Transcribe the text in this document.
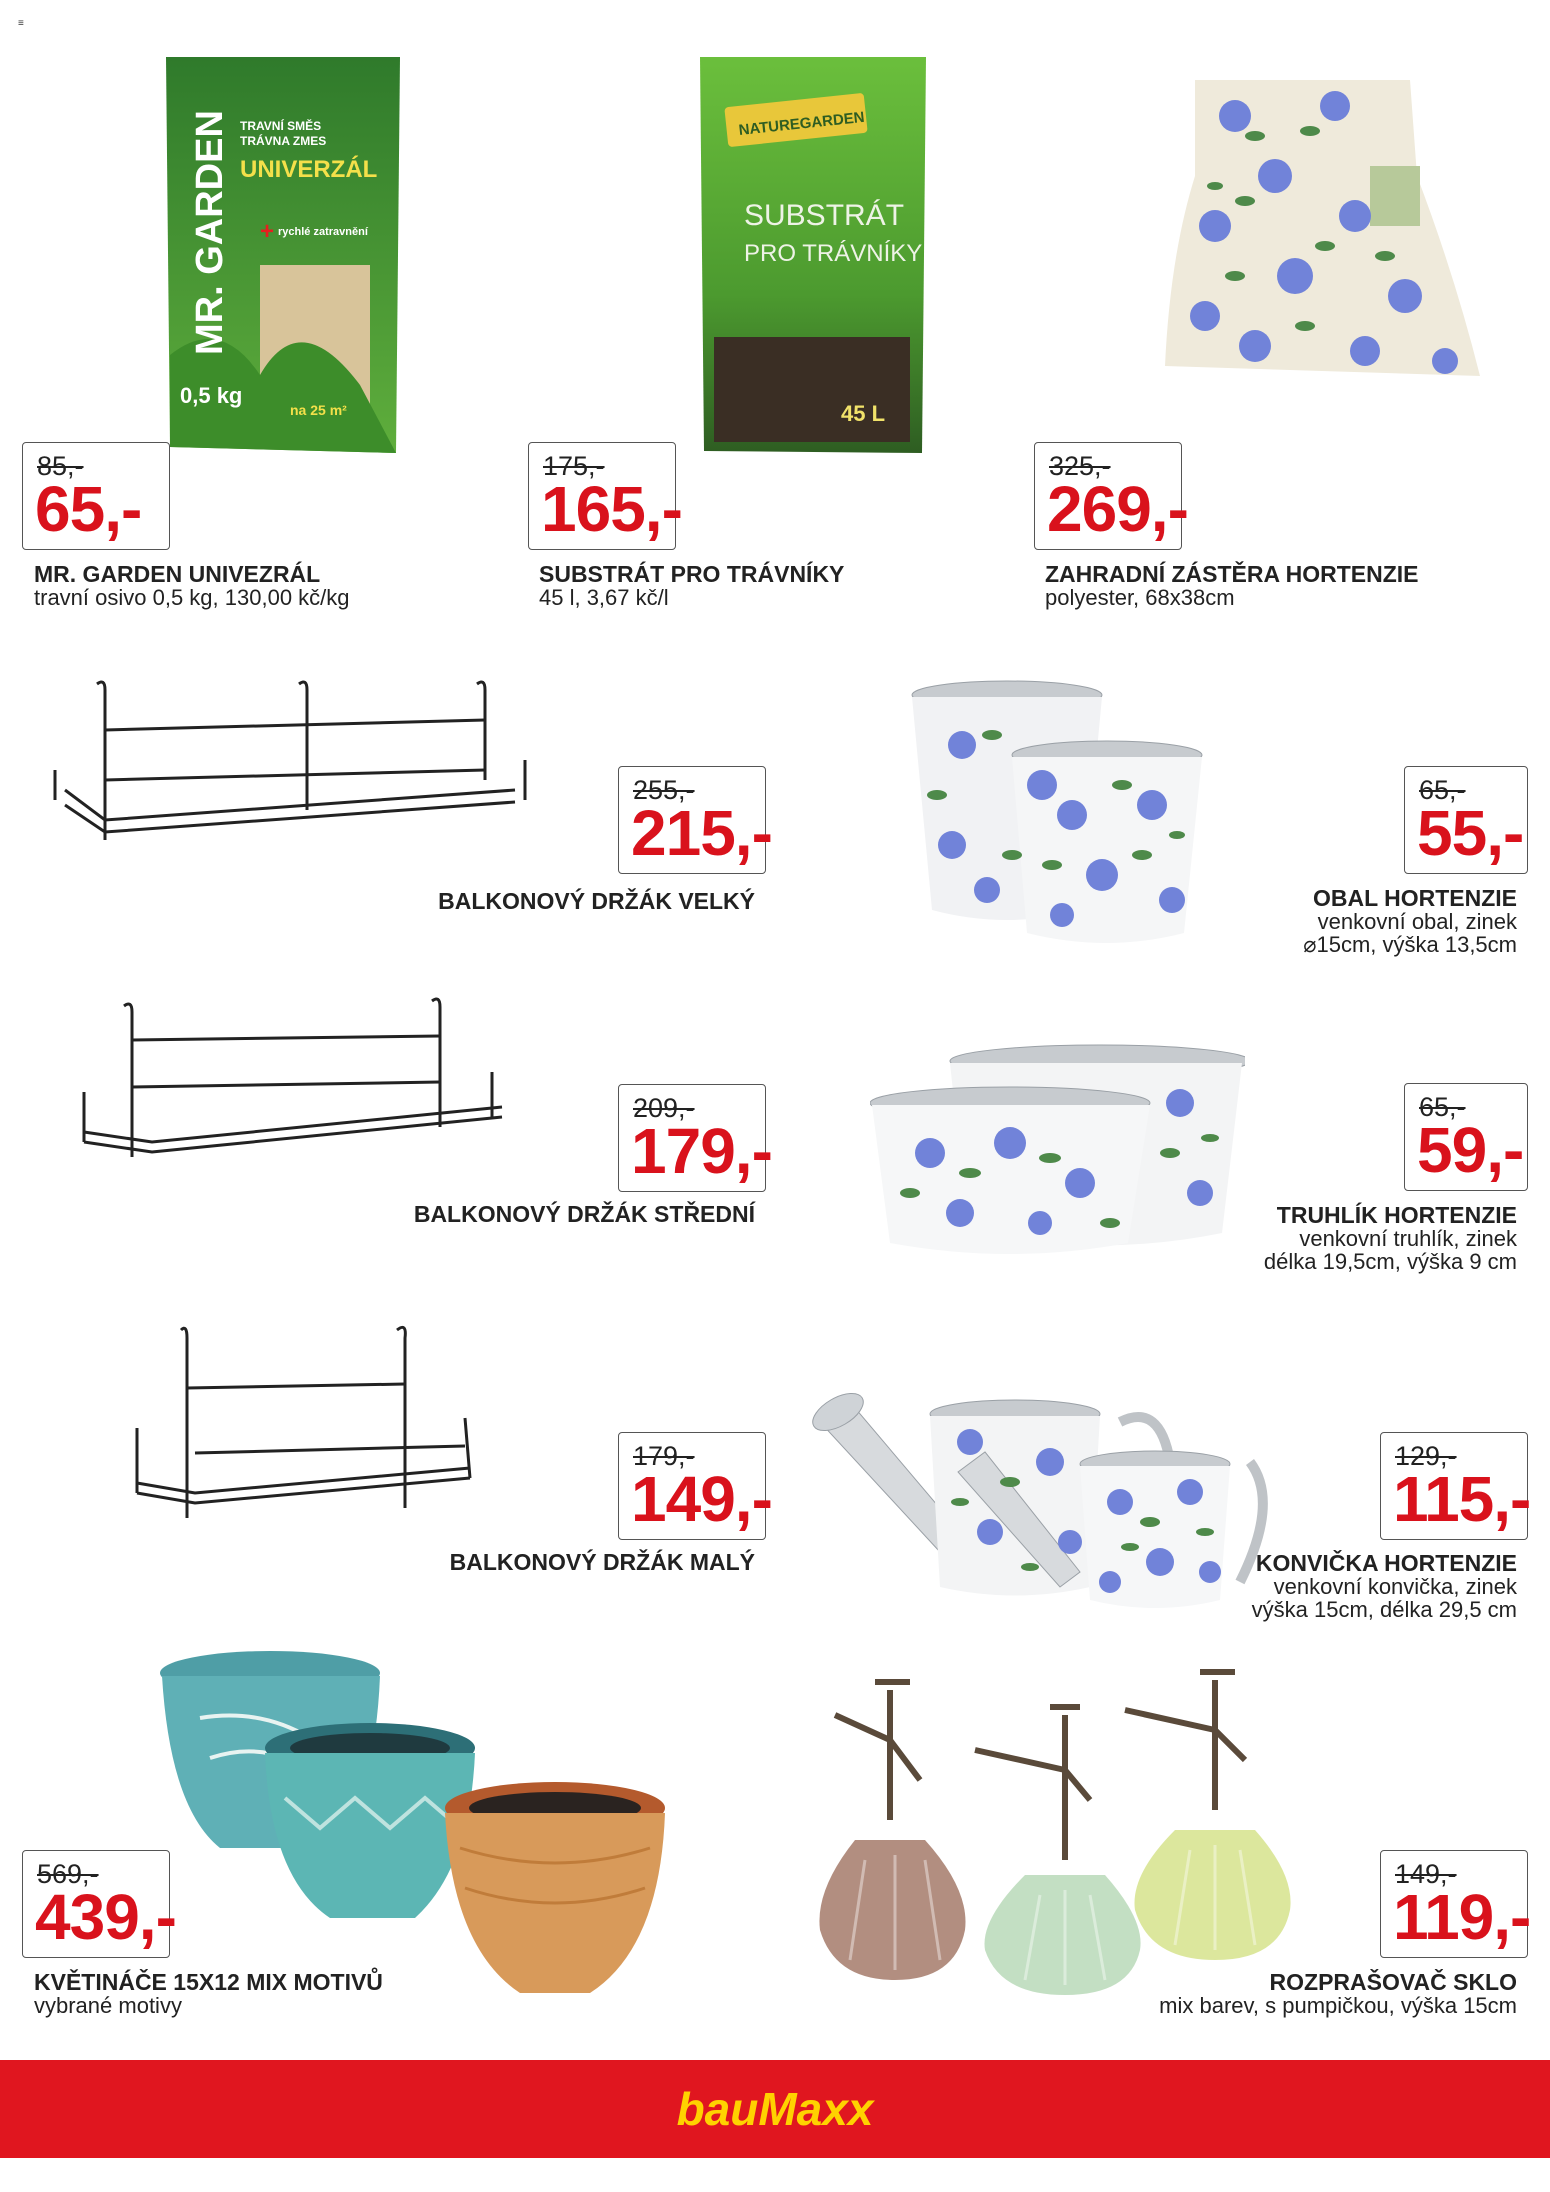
≡
MR. GARDEN TRAVNÍ SMĚS
TRÁVNA ZMES
UNIVERZÁL
rychlé zatravnění
+
0,5 kg
na 25 m²
85,-
65,-
MR. GARDEN UNIVEZRÁL
travní osivo 0,5 kg, 130,00 kč/kg
NATUREGARDEN
SUBSTRÁT
PRO TRÁVNÍKY
45 L
175,-
165,-
SUBSTRÁT PRO TRÁVNÍKY
45 l, 3,67 kč/l
325,-
269,-
ZAHRADNÍ ZÁSTĚRA HORTENZIE
polyester, 68x38cm
255,-
215,-
BALKONOVÝ DRŽÁK VELKÝ
65,-
55,-
OBAL HORTENZIE
venkovní obal, zinek
⌀15cm, výška 13,5cm
209,-
179,-
BALKONOVÝ DRŽÁK STŘEDNÍ
65,-
59,-
TRUHLÍK HORTENZIE
venkovní truhlík, zinek
délka 19,5cm, výška 9 cm
179,-
149,-
BALKONOVÝ DRŽÁK MALÝ
129,-
115,-
KONVIČKA HORTENZIE
venkovní konvička, zinek
výška 15cm, délka 29,5 cm
569,-
439,-
KVĚTINÁČE 15X12 MIX MOTIVŮ
vybrané motivy
149,-
119,-
ROZPRAŠOVAČ SKLO
mix barev, s pumpičkou, výška 15cm
bauMaxx
